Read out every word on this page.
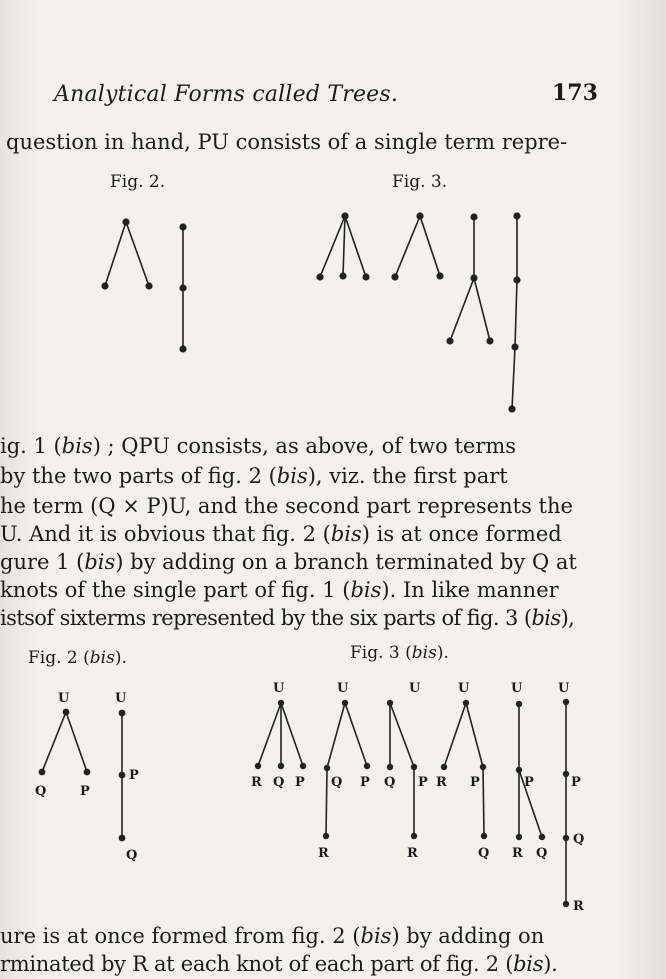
Analytical Forms called Trees.	173
question in hand, PU consists of a single term repre-
Fig. 2.	Fig. 3.
U
Q	P
U
P
Q
U	U	U	U	U	U
R Q P Q P Q P R P	P	P
R	R	Q R Q
Q
R
ig. 1 (bis) ; QPU consists, as above, of two terms
by the two parts of fig. 2 (bis), viz. the first part
he term (Q × P)U, and the second part represents the
U. And it is obvious that fig. 2 (bis) is at once formed
gure 1 (bis) by adding on a branch terminated by Q at
knots of the single part of fig. 1 (bis). In like manner
istsof sixterms represented by the six parts of fig. 3 (bis),
Fig. 2 (bis).	Fig. 3 (bis).
ure is at once formed from fig. 2 (bis) by adding on
rminated by R at each knot of each part of fig. 2 (bis).
